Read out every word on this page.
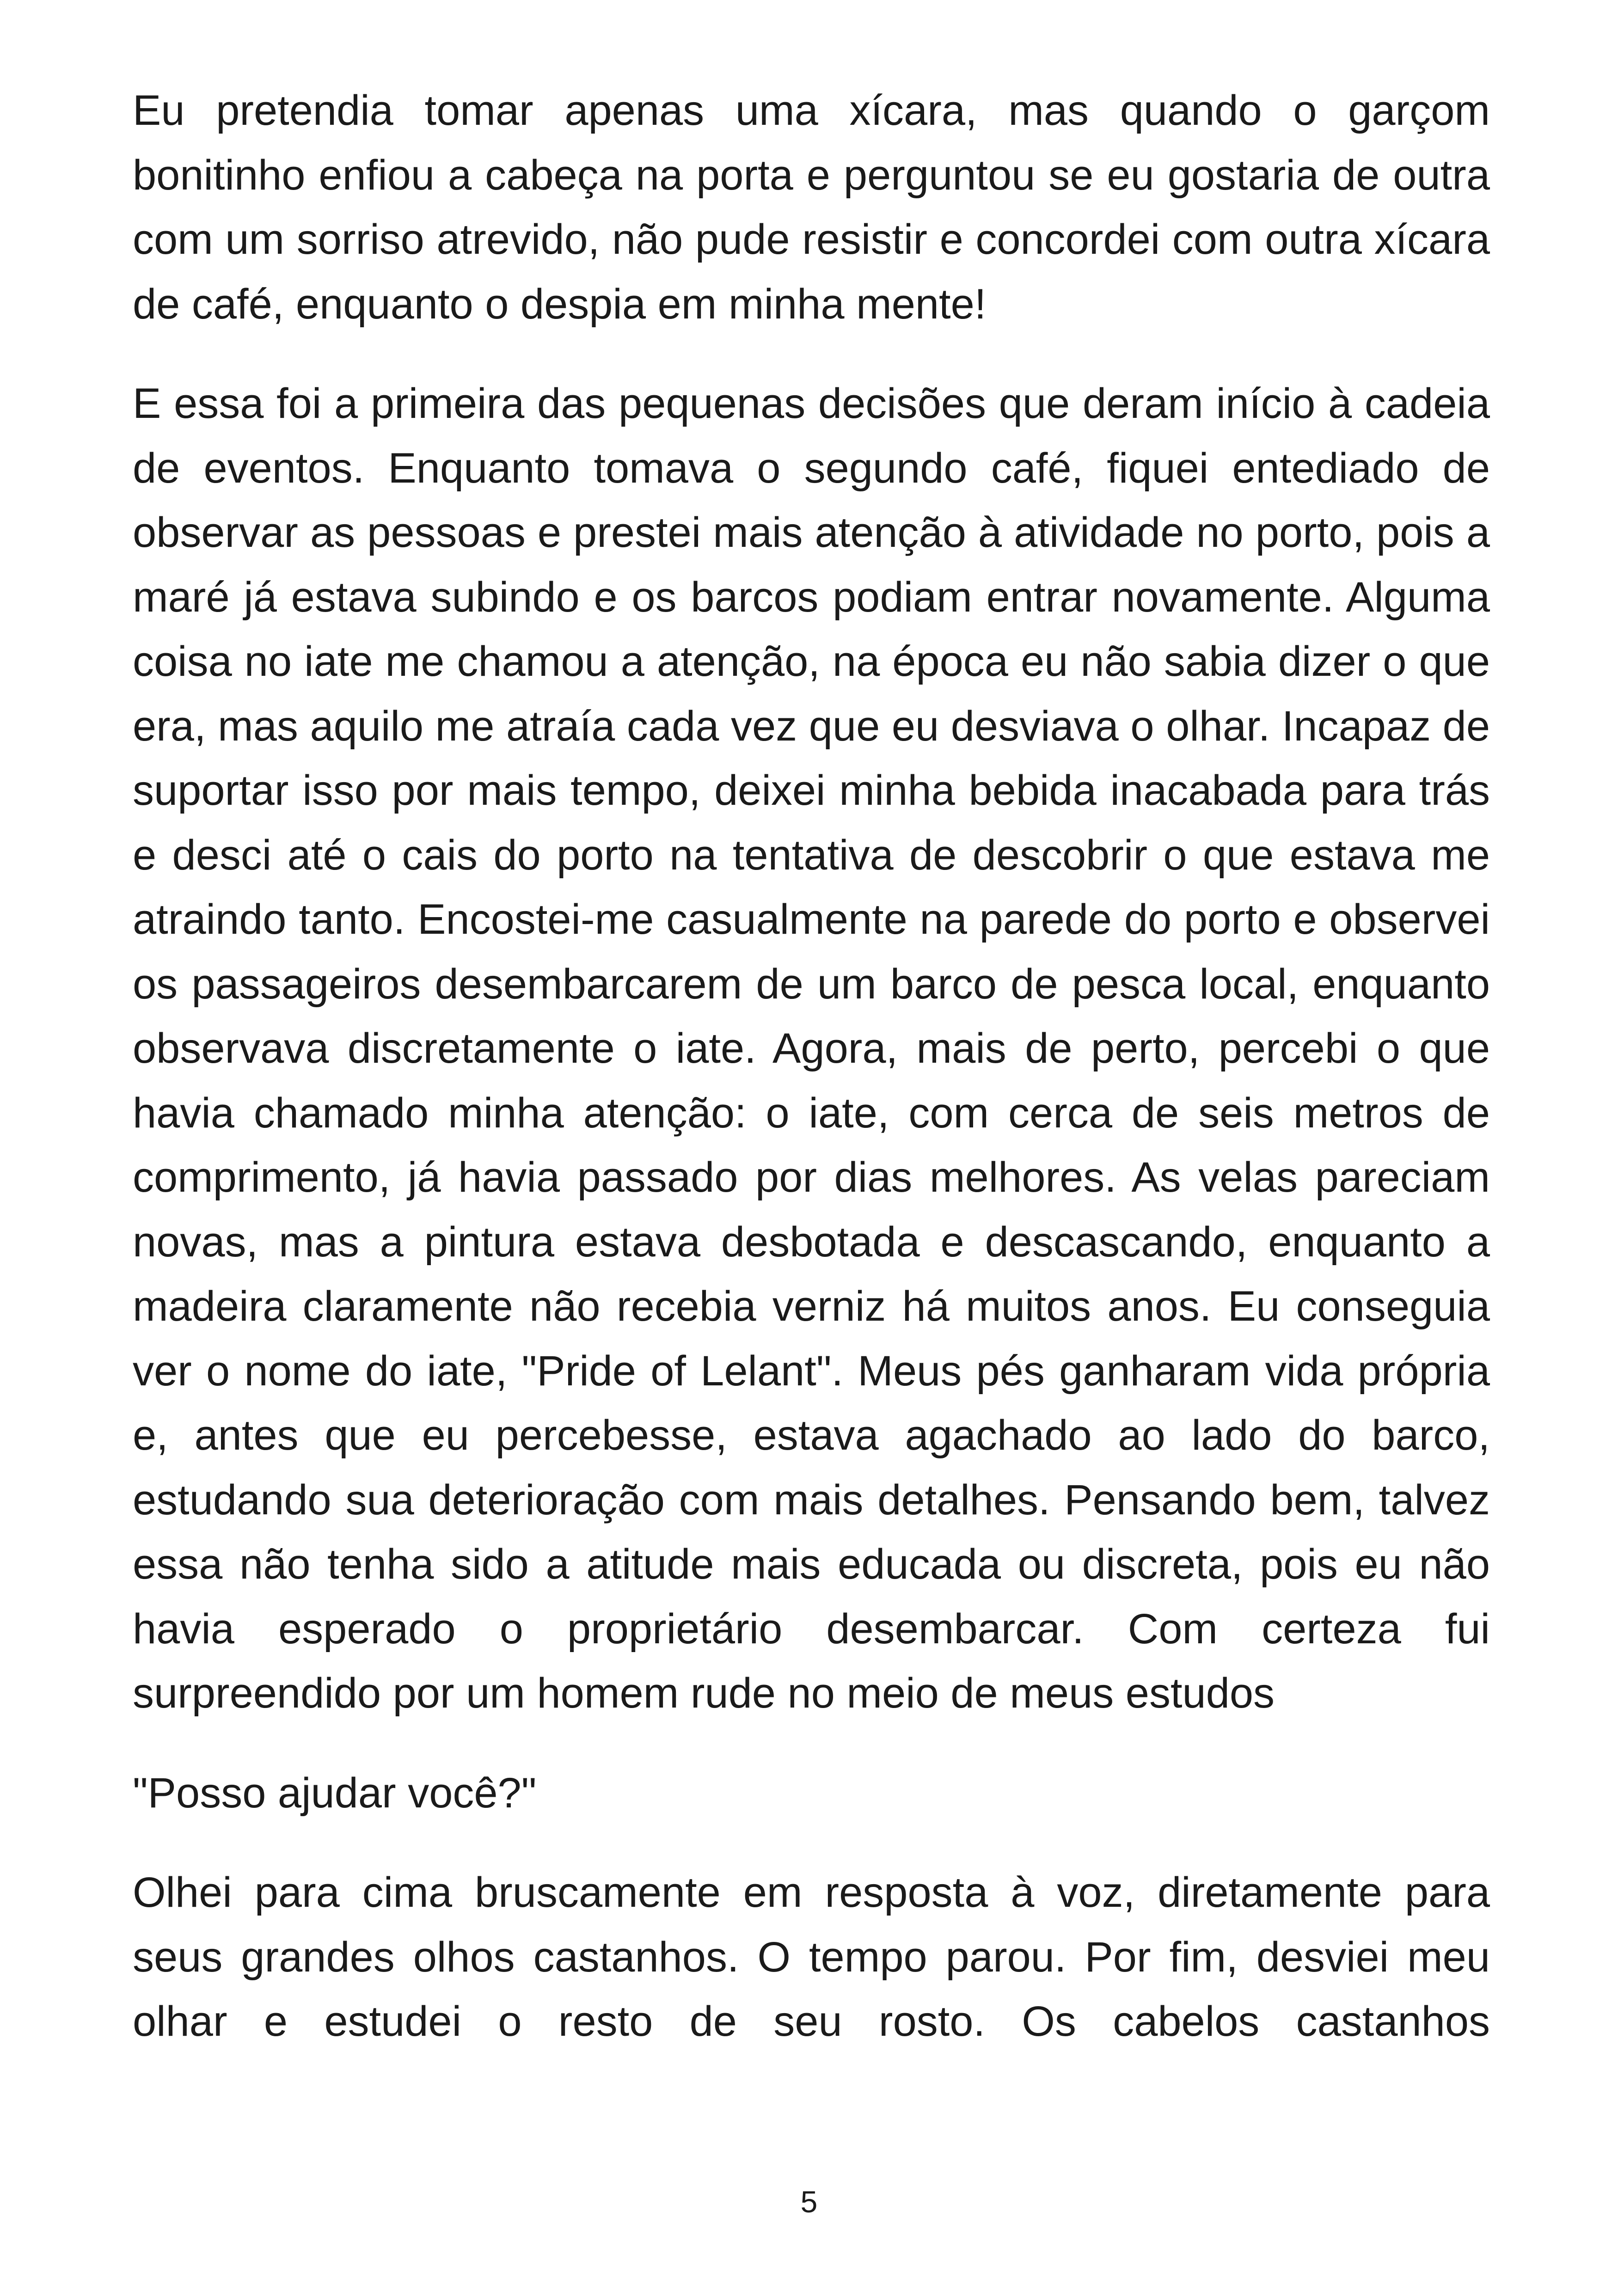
Eu pretendia tomar apenas uma xícara, mas quando o garçom bonitinho enfiou a cabeça na porta e perguntou se eu gostaria de outra com um sorriso atrevido, não pude resistir e concordei com outra xícara de café, enquanto o despia em minha mente!

E essa foi a primeira das pequenas decisões que deram início à cadeia de eventos. Enquanto tomava o segundo café, fiquei entediado de observar as pessoas e prestei mais atenção à atividade no porto, pois a maré já estava subindo e os barcos podiam entrar novamente. Alguma coisa no iate me chamou a atenção, na época eu não sabia dizer o que era, mas aquilo me atraía cada vez que eu desviava o olhar. Incapaz de suportar isso por mais tempo, deixei minha bebida inacabada para trás e desci até o cais do porto na tentativa de descobrir o que estava me atraindo tanto. Encostei-me casualmente na parede do porto e observei os passageiros desembarcarem de um barco de pesca local, enquanto observava discretamente o iate. Agora, mais de perto, percebi o que havia chamado minha atenção: o iate, com cerca de seis metros de comprimento, já havia passado por dias melhores. As velas pareciam novas, mas a pintura estava desbotada e descascando, enquanto a madeira claramente não recebia verniz há muitos anos. Eu conseguia ver o nome do iate, "Pride of Lelant". Meus pés ganharam vida própria e, antes que eu percebesse, estava agachado ao lado do barco, estudando sua deterioração com mais detalhes. Pensando bem, talvez essa não tenha sido a atitude mais educada ou discreta, pois eu não havia esperado o proprietário desembarcar. Com certeza fui surpreendido por um homem rude no meio de meus estudos

"Posso ajudar você?"

Olhei para cima bruscamente em resposta à voz, diretamente para seus grandes olhos castanhos. O tempo parou. Por fim, desviei meu olhar e estudei o resto de seu rosto. Os cabelos castanhos

5
